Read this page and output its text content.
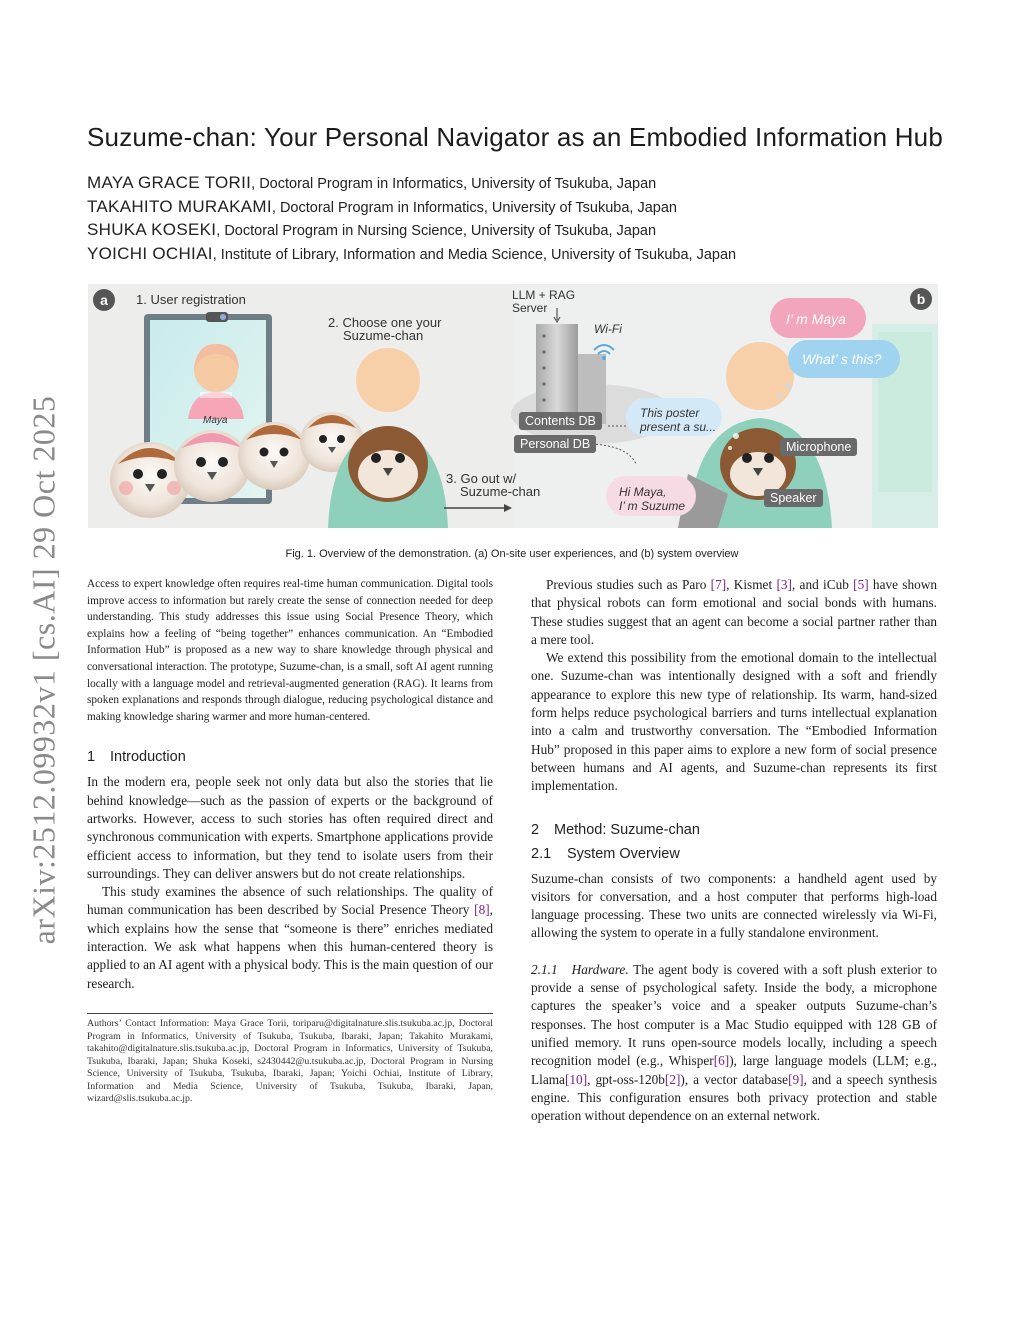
arXiv:2512.09932v1 [cs.AI] 29 Oct 2025
Suzume-chan: Your Personal Navigator as an Embodied Information Hub
MAYA GRACE TORII, Doctoral Program in Informatics, University of Tsukuba, Japan
TAKAHITO MURAKAMI, Doctoral Program in Informatics, University of Tsukuba, Japan
SHUKA KOSEKI, Doctoral Program in Nursing Science, University of Tsukuba, Japan
YOICHI OCHIAI, Institute of Library, Information and Media Science, University of Tsukuba, Japan
a	b
1. User registration
2. Choose one your
Suzume-chan
3. Go out w/
Suzume-chan
Maya
LLM + RAG
Server
Wi-Fi
Contents DB
Personal DB
This poster
present a su...
Hi Maya,
I’ m Suzume
I’ m Maya
What’ s this?
Microphone
Speaker
Fig. 1. Overview of the demonstration. (a) On-site user experiences, and (b) system overview
Access to expert knowledge often requires real-time human communication. Digital tools improve access to information but rarely create the sense of connection needed for deep understanding. This study addresses this issue using Social Presence Theory, which explains how a feeling of “being together” enhances communication. An “Embodied Information Hub” is proposed as a new way to share knowledge through physical and conversational interaction. The prototype, Suzume-chan, is a small, soft AI agent running locally with a language model and retrieval-augmented generation (RAG). It learns from spoken explanations and responds through dialogue, reducing psychological distance and making knowledge sharing warmer and more human-centered.
1 Introduction

In the modern era, people seek not only data but also the stories that lie behind knowledge—such as the passion of experts or the background of artworks. However, access to such stories has often required direct and synchronous communication with experts. Smartphone applications provide efficient access to information, but they tend to isolate users from their surroundings. They can deliver answers but do not create relationships.

This study examines the absence of such relationships. The quality of human communication has been described by Social Presence Theory [8], which explains how the sense that “someone is there” enriches mediated interaction. We ask what happens when this human-centered theory is applied to an AI agent with a physical body. This is the main question of our research.

Authors’ Contact Information: Maya Grace Torii, toriparu@digitalnature.slis.tsukuba.ac.jp, Doctoral Program in Informatics, University of Tsukuba, Tsukuba, Ibaraki, Japan; Takahito Murakami, takahito@digitalnature.slis.tsukuba.ac.jp, Doctoral Program in Informatics, University of Tsukuba, Tsukuba, Ibaraki, Japan; Shuka Koseki, s2430442@u.tsukuba.ac.jp, Doctoral Program in Nursing Science, University of Tsukuba, Tsukuba, Ibaraki, Japan; Yoichi Ochiai, Institute of Library, Information and Media Science, University of Tsukuba, Tsukuba, Ibaraki, Japan, wizard@slis.tsukuba.ac.jp.

Previous studies such as Paro [7], Kismet [3], and iCub [5] have shown that physical robots can form emotional and social bonds with humans. These studies suggest that an agent can become a social partner rather than a mere tool.

We extend this possibility from the emotional domain to the intellectual one. Suzume-chan was intentionally designed with a soft and friendly appearance to explore this new type of relationship. Its warm, hand-sized form helps reduce psychological barriers and turns intellectual explanation into a calm and trustworthy conversation. The “Embodied Information Hub” proposed in this paper aims to explore a new form of social presence between humans and AI agents, and Suzume-chan represents its first implementation.

2 Method: Suzume-chan
2.1 System Overview

Suzume-chan consists of two components: a handheld agent used by visitors for conversation, and a host computer that performs high-load language processing. These two units are connected wirelessly via Wi-Fi, allowing the system to operate in a fully standalone environment.

2.1.1 Hardware. The agent body is covered with a soft plush exterior to provide a sense of psychological safety. Inside the body, a microphone captures the speaker’s voice and a speaker outputs Suzume-chan’s responses. The host computer is a Mac Studio equipped with 128 GB of unified memory. It runs open-source models locally, including a speech recognition model (e.g., Whisper[6]), large language models (LLM; e.g., Llama[10], gpt-oss-120b[2]), a vector database[9], and a speech synthesis engine. This configuration ensures both privacy protection and stable operation without dependence on an external network.
